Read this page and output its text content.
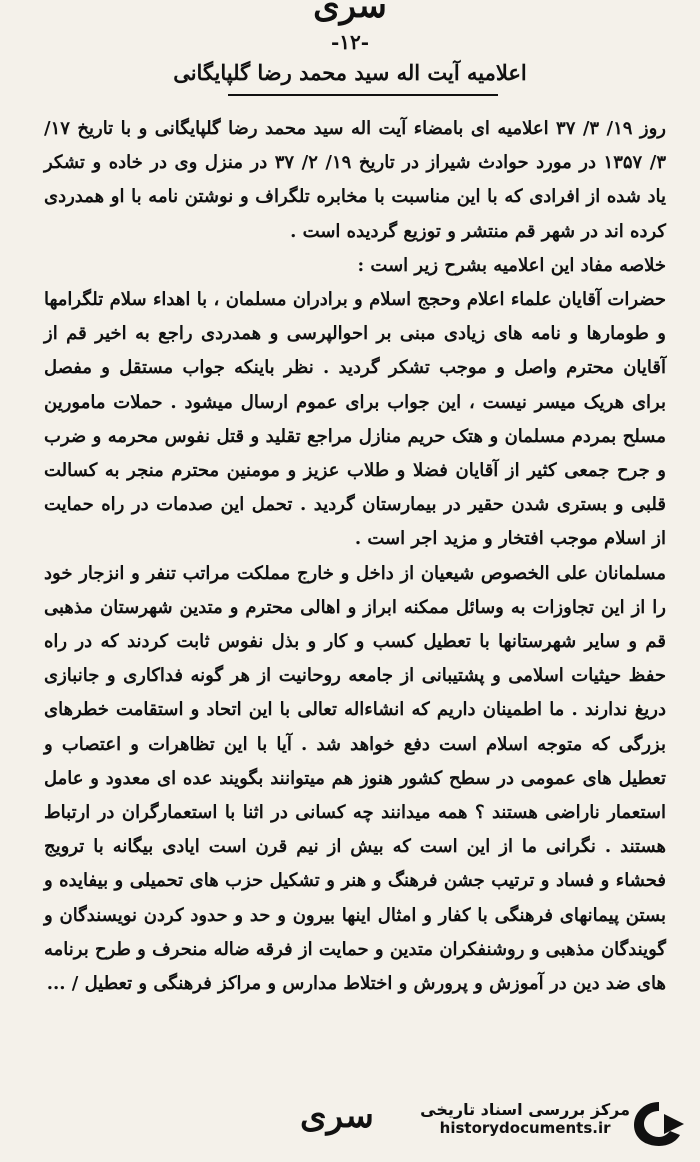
سری
-۱۲-
اعلامیه آیت اله سید محمد رضا گلپایگانی

روز ۱۹/ ۳/ ۳۷ اعلامیه ای بامضاء آیت اله سید محمد رضا گلپایگانی و با تاریخ ۱۷/ ۳/ ۱۳۵۷ در مورد حوادث شیراز در تاریخ ۱۹/ ۲/ ۳۷ در منزل وی در خاده و تشکر یاد شده از افرادی که با این مناسبت با مخابره تلگراف و نوشتن نامه با او همدردی کرده اند در شهر قم منتشر و توزیع گردیده است .

خلاصه مفاد این اعلامیه بشرح زیر است :

حضرات آقایان علماء اعلام وحجج اسلام و برادران مسلمان ، با اهداء سلام تلگرامها و طومارها و نامه های زیادی مبنی بر احوالپرسی و همدردی راجع به اخیر قم از آقایان محترم واصل و موجب تشکر گردید . نظر باینکه جواب مستقل و مفصل برای هریک میسر نیست ، این جواب برای عموم ارسال میشود . حملات مامورین مسلح بمردم مسلمان و هتک حریم منازل مراجع تقلید و قتل نفوس محرمه و ضرب و جرح جمعی کثیر از آقایان فضلا و طلاب عزیز و مومنین محترم منجر به کسالت قلبی و بستری شدن حقیر در بیمارستان گردید . تحمل این صدمات در راه حمایت از اسلام موجب افتخار و مزید اجر است .

مسلمانان علی الخصوص شیعیان از داخل و خارج مملکت مراتب تنفر و انزجار خود را از این تجاوزات به وسائل ممکنه ابراز و اهالی محترم و متدین شهرستان مذهبی قم و سایر شهرستانها با تعطیل کسب و کار و بذل نفوس ثابت کردند که در راه حفظ حیثیات اسلامی و پشتیبانی از جامعه روحانیت از هر گونه فداکاری و جانبازی دریغ ندارند . ما اطمینان داریم که انشاءاله تعالی با این اتحاد و استقامت خطرهای بزرگی که متوجه اسلام است دفع خواهد شد . آیا با این تظاهرات و اعتصاب و تعطیل های عمومی در سطح کشور هنوز هم میتوانند بگویند عده ای معدود و عامل استعمار ناراضی هستند ؟ همه میدانند چه کسانی در اثنا با استعمارگران در ارتباط هستند . نگرانی ما از این است که بیش از نیم قرن است ایادی بیگانه با ترویج فحشاء و فساد و ترتیب جشن فرهنگ و هنر و تشکیل حزب های تحمیلی و بیفایده و بستن پیمانهای فرهنگی با کفار و امثال اینها بیرون و حد و حدود کردن نویسندگان و گویندگان مذهبی و روشنفکران متدین و حمایت از فرقه ضاله منحرف و طرح برنامه های ضد دین در آموزش و پرورش و اختلاط مدارس و مراکز فرهنگی و تعطیل / ...

سری	مرکز بررسی اسناد تاریخی
historydocuments.ir
